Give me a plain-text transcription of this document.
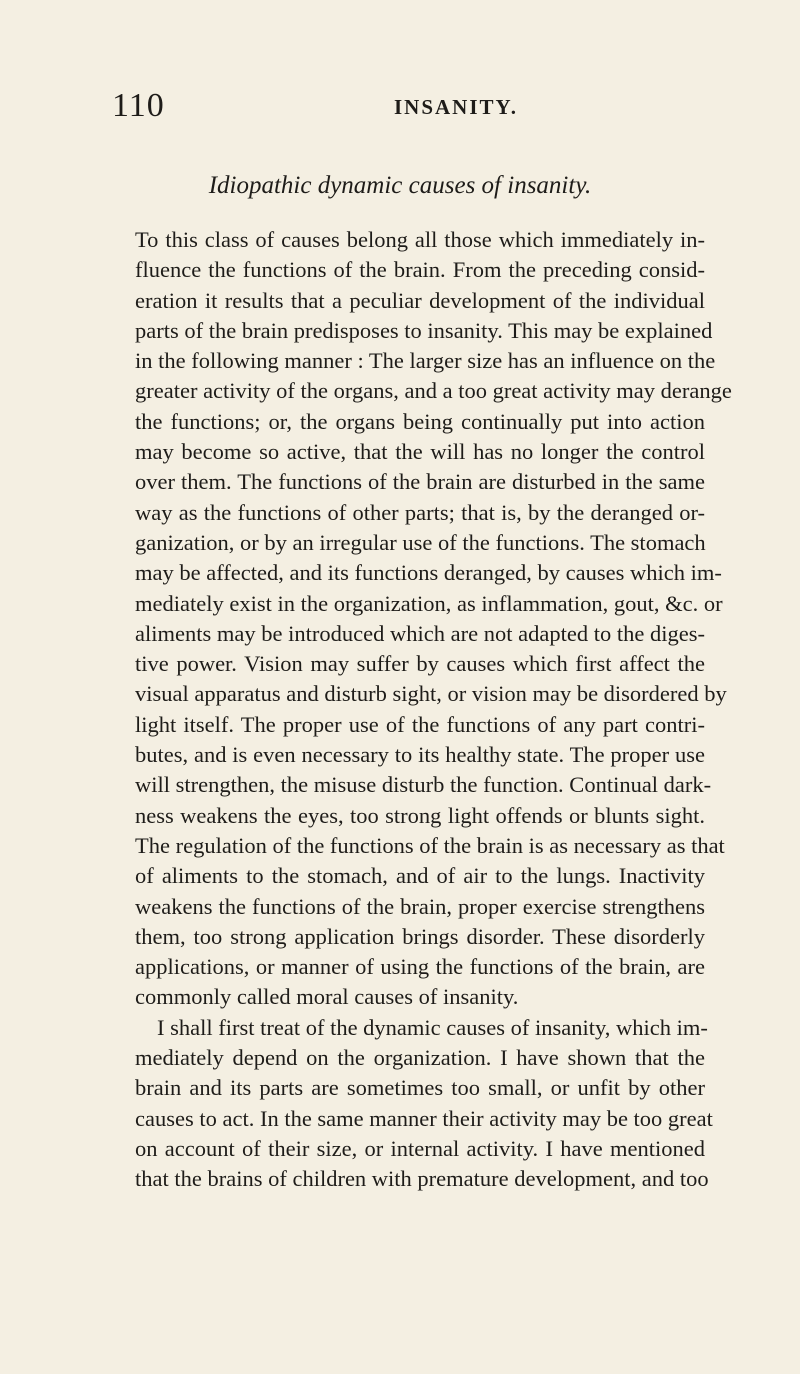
110	INSANITY.
Idiopathic dynamic causes of insanity.
To this class of causes belong all those which immediately in-
fluence the functions of the brain. From the preceding consid-
eration it results that a peculiar development of the individual
parts of the brain predisposes to insanity. This may be explained
in the following manner : The larger size has an influence on the
greater activity of the organs, and a too great activity may derange
the functions; or, the organs being continually put into action
may become so active, that the will has no longer the control
over them. The functions of the brain are disturbed in the same
way as the functions of other parts; that is, by the deranged or-
ganization, or by an irregular use of the functions. The stomach
may be affected, and its functions deranged, by causes which im-
mediately exist in the organization, as inflammation, gout, &c. or
aliments may be introduced which are not adapted to the diges-
tive power. Vision may suffer by causes which first affect the
visual apparatus and disturb sight, or vision may be disordered by
light itself. The proper use of the functions of any part contri-
butes, and is even necessary to its healthy state. The proper use
will strengthen, the misuse disturb the function. Continual dark-
ness weakens the eyes, too strong light offends or blunts sight.
The regulation of the functions of the brain is as necessary as that
of aliments to the stomach, and of air to the lungs. Inactivity
weakens the functions of the brain, proper exercise strengthens
them, too strong application brings disorder. These disorderly
applications, or manner of using the functions of the brain, are
commonly called moral causes of insanity.
I shall first treat of the dynamic causes of insanity, which im-
mediately depend on the organization. I have shown that the
brain and its parts are sometimes too small, or unfit by other
causes to act. In the same manner their activity may be too great
on account of their size, or internal activity. I have mentioned
that the brains of children with premature development, and too
